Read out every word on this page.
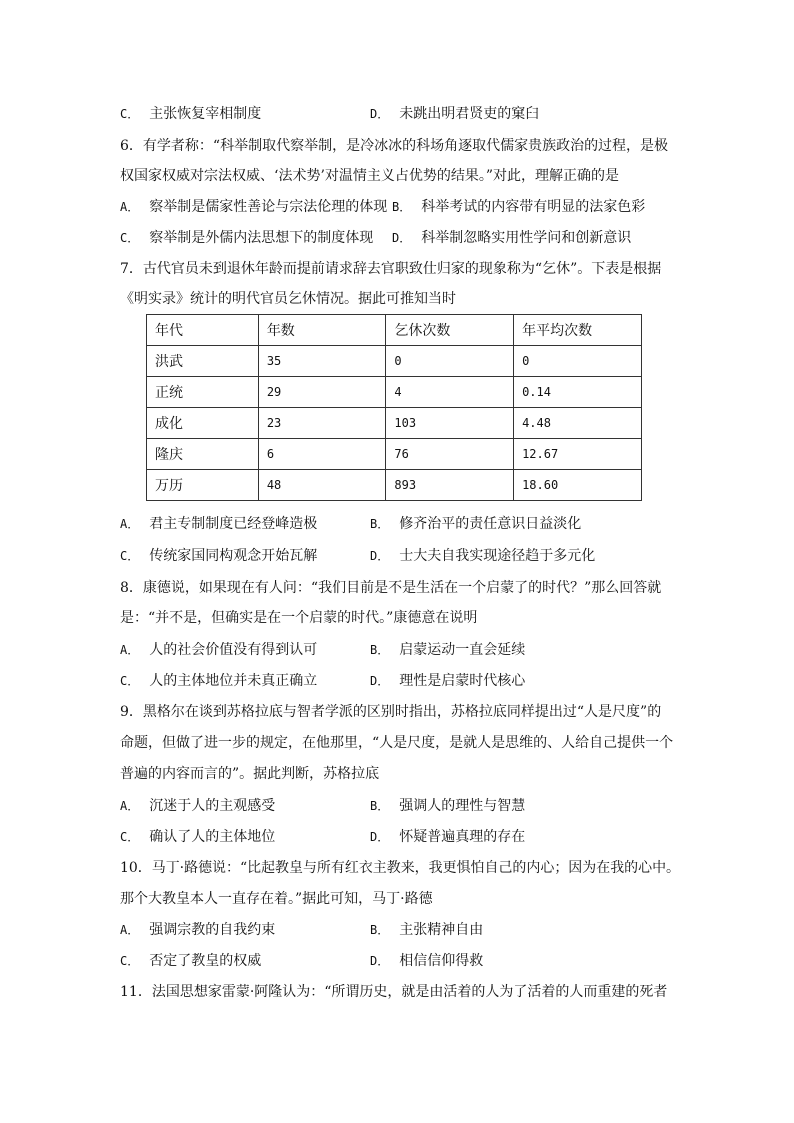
C． 主张恢复宰相制度	D． 未跳出明君贤吏的窠臼
6．有学者称：“科举制取代察举制，是冷冰冰的科场角逐取代儒家贵族政治的过程，是极
权国家权威对宗法权威、‘法术势’对温情主义占优势的结果。”对此，理解正确的是
A． 察举制是儒家性善论与宗法伦理的体现 B． 科举考试的内容带有明显的法家色彩
C． 察举制是外儒内法思想下的制度体现 D． 科举制忽略实用性学问和创新意识
7．古代官员未到退休年龄而提前请求辞去官职致仕归家的现象称为“乞休”。下表是根据
《明实录》统计的明代官员乞休情况。据此可推知当时
年代	年数	乞休次数	年平均次数
洪武	35	0	0
正统	29	4	0.14
成化	23	103	4.48
隆庆	6	76	12.67
万历	48	893	18.60
A． 君主专制制度已经登峰造极	B． 修齐治平的责任意识日益淡化
C． 传统家国同构观念开始瓦解	D． 士大夫自我实现途径趋于多元化
8．康德说，如果现在有人问：“我们目前是不是生活在一个启蒙了的时代？”那么回答就
是：“并不是，但确实是在一个启蒙的时代。”康德意在说明
A． 人的社会价值没有得到认可	B． 启蒙运动一直会延续
C． 人的主体地位并未真正确立	D． 理性是启蒙时代核心
9．黑格尔在谈到苏格拉底与智者学派的区别时指出，苏格拉底同样提出过“人是尺度”的
命题，但做了进一步的规定，在他那里，“人是尺度，是就人是思维的、人给自己提供一个
普遍的内容而言的”。据此判断，苏格拉底
A． 沉迷于人的主观感受	B． 强调人的理性与智慧
C． 确认了人的主体地位	D． 怀疑普遍真理的存在
10．马丁·路德说：“比起教皇与所有红衣主教来，我更惧怕自己的内心；因为在我的心中。
那个大教皇本人一直存在着。”据此可知，马丁·路德
A． 强调宗教的自我约束	B． 主张精神自由
C． 否定了教皇的权威	D． 相信信仰得救
11．法国思想家雷蒙·阿隆认为：“所谓历史，就是由活着的人为了活着的人而重建的死者
